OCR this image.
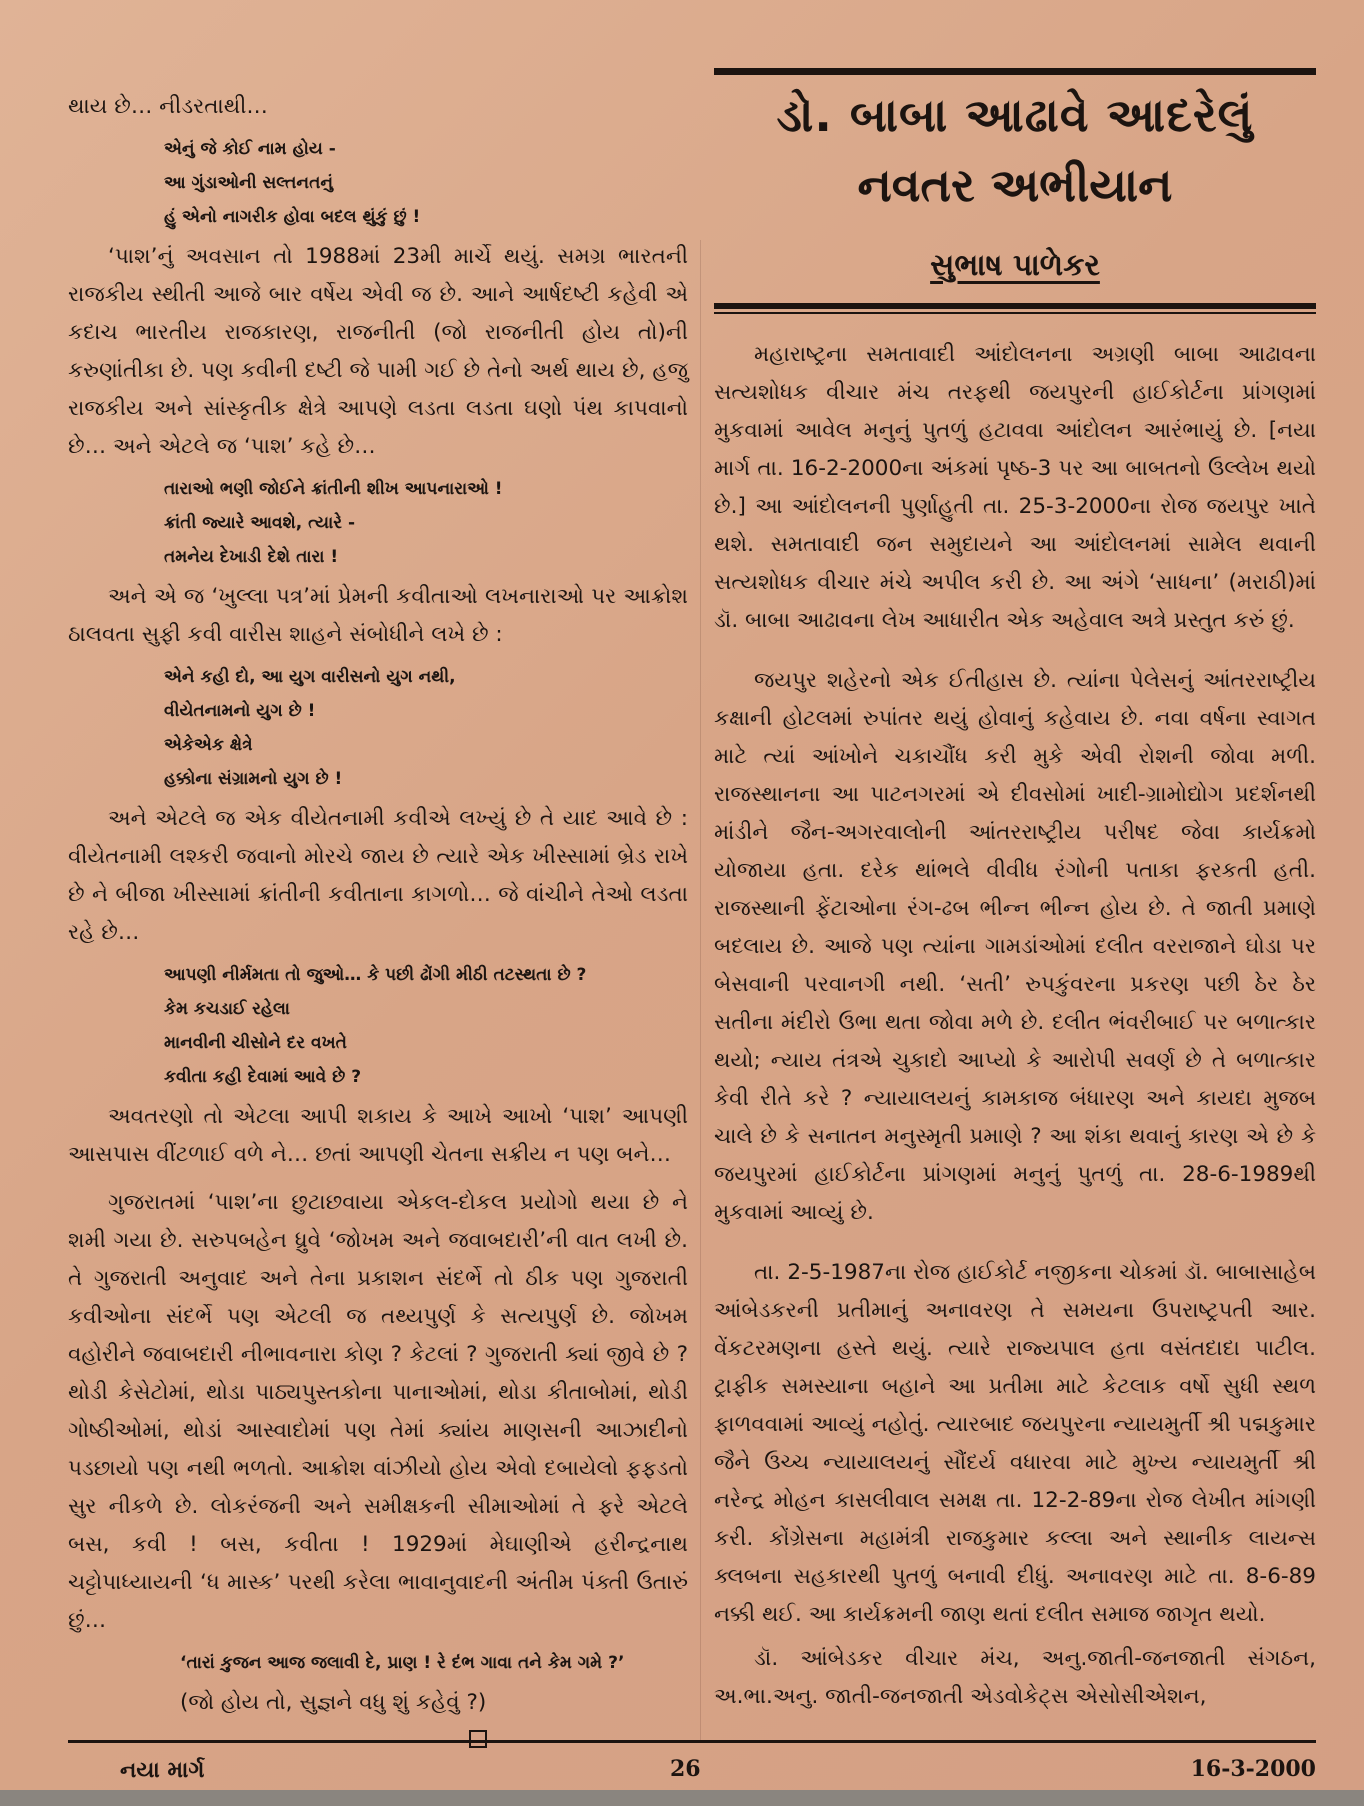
થાય છે… નીડરતાથી…

એનું જે કોઈ નામ હોય -
આ ગુંડાઓની સલ્તનતનું
હું એનો નાગરીક હોવા બદલ થુંકું છું !

‘પાશ’નું અવસાન તો 1988માં 23મી માર્ચે થયું. સમગ્ર ભારતની રાજકીય સ્થીતી આજે બાર વર્ષેય એવી જ છે. આને આર્ષદષ્ટી કહેવી એ કદાચ ભારતીય રાજકારણ, રાજનીતી (જો રાજનીતી હોય તો)ની કરુણાંતીકા છે. પણ કવીની દષ્ટી જે પામી ગઈ છે તેનો અર્થ થાય છે, હજુ રાજકીય અને સાંસ્કૃતીક ક્ષેત્રે આપણે લડતા લડતા ઘણો પંથ કાપવાનો છે… અને એટલે જ ‘પાશ’ કહે છે…

તારાઓ ભણી જોઈને ક્રાંતીની શીખ આપનારાઓ !
ક્રાંતી જ્યારે આવશે, ત્યારે -
તમનેય દેખાડી દેશે તારા !

અને એ જ ‘ખુલ્લા પત્ર’માં પ્રેમની કવીતાઓ લખનારાઓ પર આક્રોશ ઠાલવતા સુફી કવી વારીસ શાહને સંબોધીને લખે છે :

એને કહી દો, આ યુગ વારીસનો યુગ નથી,
વીયેતનામનો યુગ છે !
એકેએક ક્ષેત્રે
હક્કોના સંગ્રામનો યુગ છે !

અને એટલે જ એક વીયેતનામી કવીએ લખ્યું છે તે યાદ આવે છે : વીયેતનામી લશ્કરી જવાનો મોરચે જાય છે ત્યારે એક ખીસ્સામાં બ્રેડ રાખે છે ને બીજા ખીસ્સામાં ક્રાંતીની કવીતાના કાગળો… જે વાંચીને તેઓ લડતા રહે છે…

આપણી નીર્મમતા તો જુઓ… કે પછી ઢોંગી મીઠી તટસ્થતા છે ?
કેમ કચડાઈ રહેલા
માનવીની ચીસોને દર વખતે
કવીતા કહી દેવામાં આવે છે ?

અવતરણો તો એટલા આપી શકાય કે આખે આખો ‘પાશ’ આપણી આસપાસ વીંટળાઈ વળે ને… છતાં આપણી ચેતના સક્રીય ન પણ બને…

ગુજરાતમાં ‘પાશ’ના છુટાછવાયા એકલ-દોકલ પ્રયોગો થયા છે ને શમી ગયા છે. સરુપબહેન ધ્રુવે ‘જોખમ અને જવાબદારી’ની વાત લખી છે. તે ગુજરાતી અનુવાદ અને તેના પ્રકાશન સંદર્ભે તો ઠીક પણ ગુજરાતી કવીઓના સંદર્ભે પણ એટલી જ તથ્યપુર્ણ કે સત્યપુર્ણ છે. જોખમ વહોરીને જવાબદારી નીભાવનારા કોણ ? કેટલાં ? ગુજરાતી ક્યાં જીવે છે ? થોડી કેસેટોમાં, થોડા પાઠ્યપુસ્તકોના પાનાઓમાં, થોડા કીતાબોમાં, થોડી ગોષ્ઠીઓમાં, થોડાં આસ્વાદોમાં પણ તેમાં ક્યાંય માણસની આઝાદીનો પડછાયો પણ નથી ભળતો. આક્રોશ વાંઝીયો હોય એવો દબાયેલો ફફડતો સુર નીકળે છે. લોકરંજની અને સમીક્ષકની સીમાઓમાં તે ફરે એટલે બસ, કવી ! બસ, કવીતા ! 1929માં મેઘાણીએ હરીન્દ્રનાથ ચટ્ટોપાધ્યાયની ‘ધ માસ્ક’ પરથી કરેલા ભાવાનુવાદની અંતીમ પંક્તી ઉતારું છું…

‘તારાં કુજન આજ જલાવી દે, પ્રાણ ! રે દંભ ગાવા તને કેમ ગમે ?’

(જો હોય તો, સુજ્ઞને વધુ શું કહેવું ?)

ડો. બાબા આઢાવે આદરેલું
નવતર અભીયાન
સુભાષ પાળેકર

મહારાષ્ટ્રના સમતાવાદી આંદોલનના અગ્રણી બાબા આઢાવના સત્યશોધક વીચાર મંચ તરફથી જયપુરની હાઈકોર્ટના પ્રાંગણમાં મુકવામાં આવેલ મનુનું પુતળું હટાવવા આંદોલન આરંભાયું છે. [નયા માર્ગ તા. 16-2-2000ના અંકમાં પૃષ્ઠ-3 પર આ બાબતનો ઉલ્લેખ થયો છે.] આ આંદોલનની પુર્ણાહુતી તા. 25-3-2000ના રોજ જયપુર ખાતે થશે. સમતાવાદી જન સમુદાયને આ આંદોલનમાં સામેલ થવાની સત્યશોધક વીચાર મંચે અપીલ કરી છે. આ અંગે ‘સાધના’ (મરાઠી)માં ડૉ. બાબા આઢાવના લેખ આધારીત એક અહેવાલ અત્રે પ્રસ્તુત કરું છું.

જયપુર શહેરનો એક ઈતીહાસ છે. ત્યાંના પેલેસનું આંતરરાષ્ટ્રીય કક્ષાની હોટલમાં રુપાંતર થયું હોવાનું કહેવાય છે. નવા વર્ષના સ્વાગત માટે ત્યાં આંખોને ચકાચૌંધ કરી મુકે એવી રોશની જોવા મળી. રાજસ્થાનના આ પાટનગરમાં એ દીવસોમાં ખાદી-ગ્રામોદ્યોગ પ્રદર્શનથી માંડીને જૈન-અગરવાલોની આંતરરાષ્ટ્રીય પરીષદ જેવા કાર્યક્રમો યોજાયા હતા. દરેક થાંભલે વીવીધ રંગોની પતાકા ફરકતી હતી. રાજસ્થાની ફેંટાઓના રંગ-ઢબ ભીન્ન ભીન્ન હોય છે. તે જાતી પ્રમાણે બદલાય છે. આજે પણ ત્યાંના ગામડાંઓમાં દલીત વરરાજાને ઘોડા પર બેસવાની પરવાનગી નથી. ‘સતી’ રુપકુંવરના પ્રકરણ પછી ઠેર ઠેર સતીના મંદીરો ઉભા થતા જોવા મળે છે. દલીત ભંવરીબાઈ પર બળાત્કાર થયો; ન્યાય તંત્રએ ચુકાદો આપ્યો કે આરોપી સવર્ણ છે તે બળાત્કાર કેવી રીતે કરે ? ન્યાયાલયનું કામકાજ બંધારણ અને કાયદા મુજબ ચાલે છે કે સનાતન મનુસ્મૃતી પ્રમાણે ? આ શંકા થવાનું કારણ એ છે કે જયપુરમાં હાઈકોર્ટના પ્રાંગણમાં મનુનું પુતળું તા. 28-6-1989થી મુકવામાં આવ્યું છે.

તા. 2-5-1987ના રોજ હાઈકોર્ટ નજીકના ચોકમાં ડૉ. બાબાસાહેબ આંબેડકરની પ્રતીમાનું અનાવરણ તે સમયના ઉપરાષ્ટ્રપતી આર. વેંકટરમણના હસ્તે થયું. ત્યારે રાજ્યપાલ હતા વસંતદાદા પાટીલ. ટ્રાફીક સમસ્યાના બહાને આ પ્રતીમા માટે કેટલાક વર્ષો સુધી સ્થળ ફાળવવામાં આવ્યું નહોતું. ત્યારબાદ જયપુરના ન્યાયમુર્તી શ્રી પદ્મકુમાર જૈને ઉચ્ચ ન્યાયાલયનું સૌંદર્ય વધારવા માટે મુખ્ય ન્યાયમુર્તી શ્રી નરેન્દ્ર મોહન કાસલીવાલ સમક્ષ તા. 12-2-89ના રોજ લેખીત માંગણી કરી. કોંગ્રેસના મહામંત્રી રાજકુમાર કલ્લા અને સ્થાનીક લાયન્સ ક્લબના સહકારથી પુતળું બનાવી દીધું. અનાવરણ માટે તા. 8-6-89 નક્કી થઈ. આ કાર્યક્રમની જાણ થતાં દલીત સમાજ જાગૃત થયો.

ડૉ. આંબેડકર વીચાર મંચ, અનુ.જાતી-જનજાતી સંગઠન, અ.ભા.અનુ. જાતી-જનજાતી એડવોકેટ્સ એસોસીએશન,

નયા માર્ગ	26	16-3-2000
